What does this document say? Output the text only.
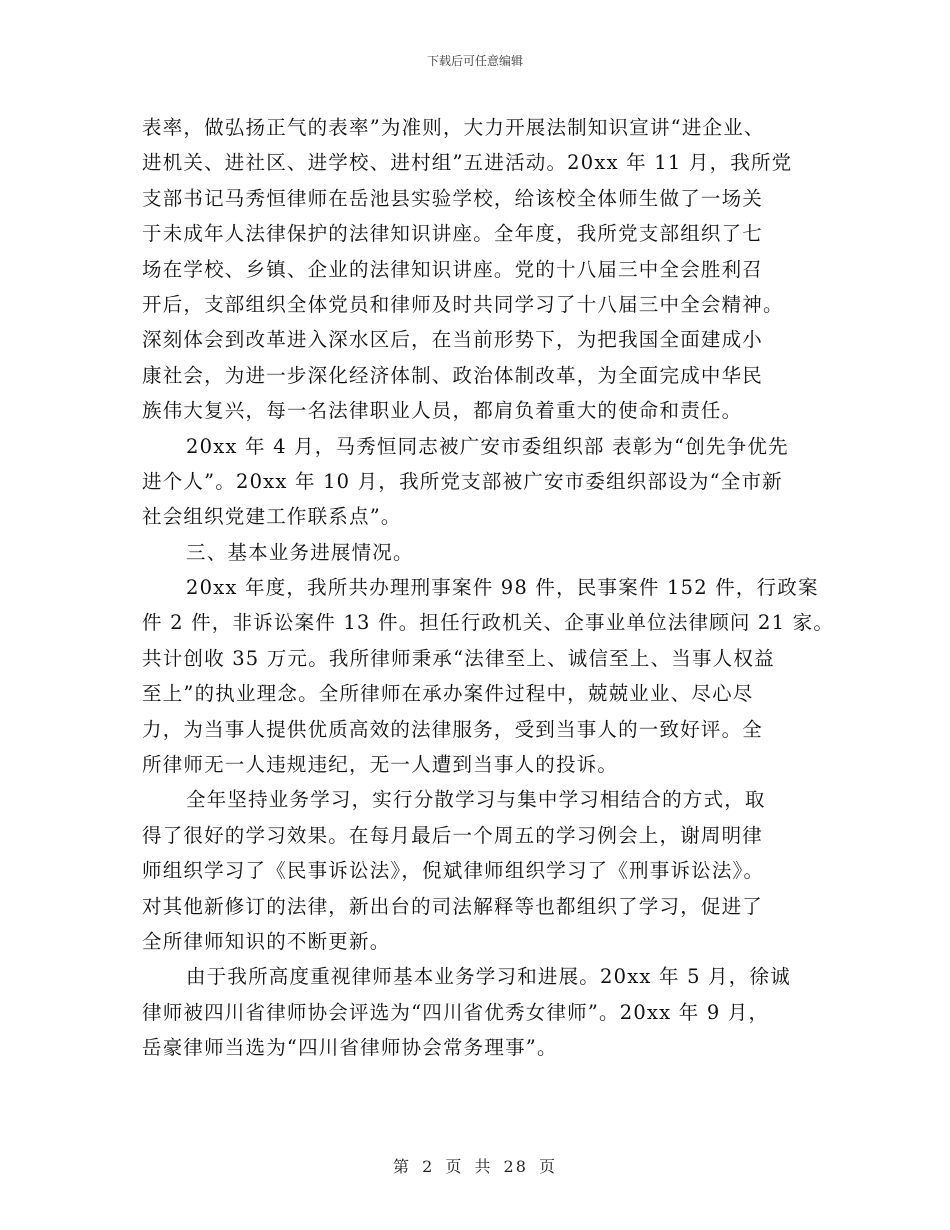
下载后可任意编辑
表率，做弘扬正气的表率”为准则，大力开展法制知识宣讲“进企业、
进机关、进社区、进学校、进村组”五进活动。20xx 年 11 月，我所党
支部书记马秀恒律师在岳池县实验学校，给该校全体师生做了一场关
于未成年人法律保护的法律知识讲座。全年度，我所党支部组织了七
场在学校、乡镇、企业的法律知识讲座。党的十八届三中全会胜利召
开后，支部组织全体党员和律师及时共同学习了十八届三中全会精神。
深刻体会到改革进入深水区后，在当前形势下，为把我国全面建成小
康社会，为进一步深化经济体制、政治体制改革，为全面完成中华民
族伟大复兴，每一名法律职业人员，都肩负着重大的使命和责任。
20xx 年 4 月，马秀恒同志被广安市委组织部 表彰为“创先争优先
进个人”。20xx 年 10 月，我所党支部被广安市委组织部设为“全市新
社会组织党建工作联系点”。
三、基本业务进展情况。
20xx 年度，我所共办理刑事案件 98 件，民事案件 152 件，行政案
件 2 件，非诉讼案件 13 件。担任行政机关、企事业单位法律顾问 21 家。
共计创收 35 万元。我所律师秉承“法律至上、诚信至上、当事人权益
至上”的执业理念。全所律师在承办案件过程中，兢兢业业、尽心尽
力，为当事人提供优质高效的法律服务，受到当事人的一致好评。全
所律师无一人违规违纪，无一人遭到当事人的投诉。
全年坚持业务学习，实行分散学习与集中学习相结合的方式，取
得了很好的学习效果。在每月最后一个周五的学习例会上，谢周明律
师组织学习了《民事诉讼法》，倪斌律师组织学习了《刑事诉讼法》。
对其他新修订的法律，新出台的司法解释等也都组织了学习，促进了
全所律师知识的不断更新。
由于我所高度重视律师基本业务学习和进展。20xx 年 5 月，徐诚
律师被四川省律师协会评选为“四川省优秀女律师”。20xx 年 9 月，
岳豪律师当选为“四川省律师协会常务理事”。
第 2 页 共 28 页
